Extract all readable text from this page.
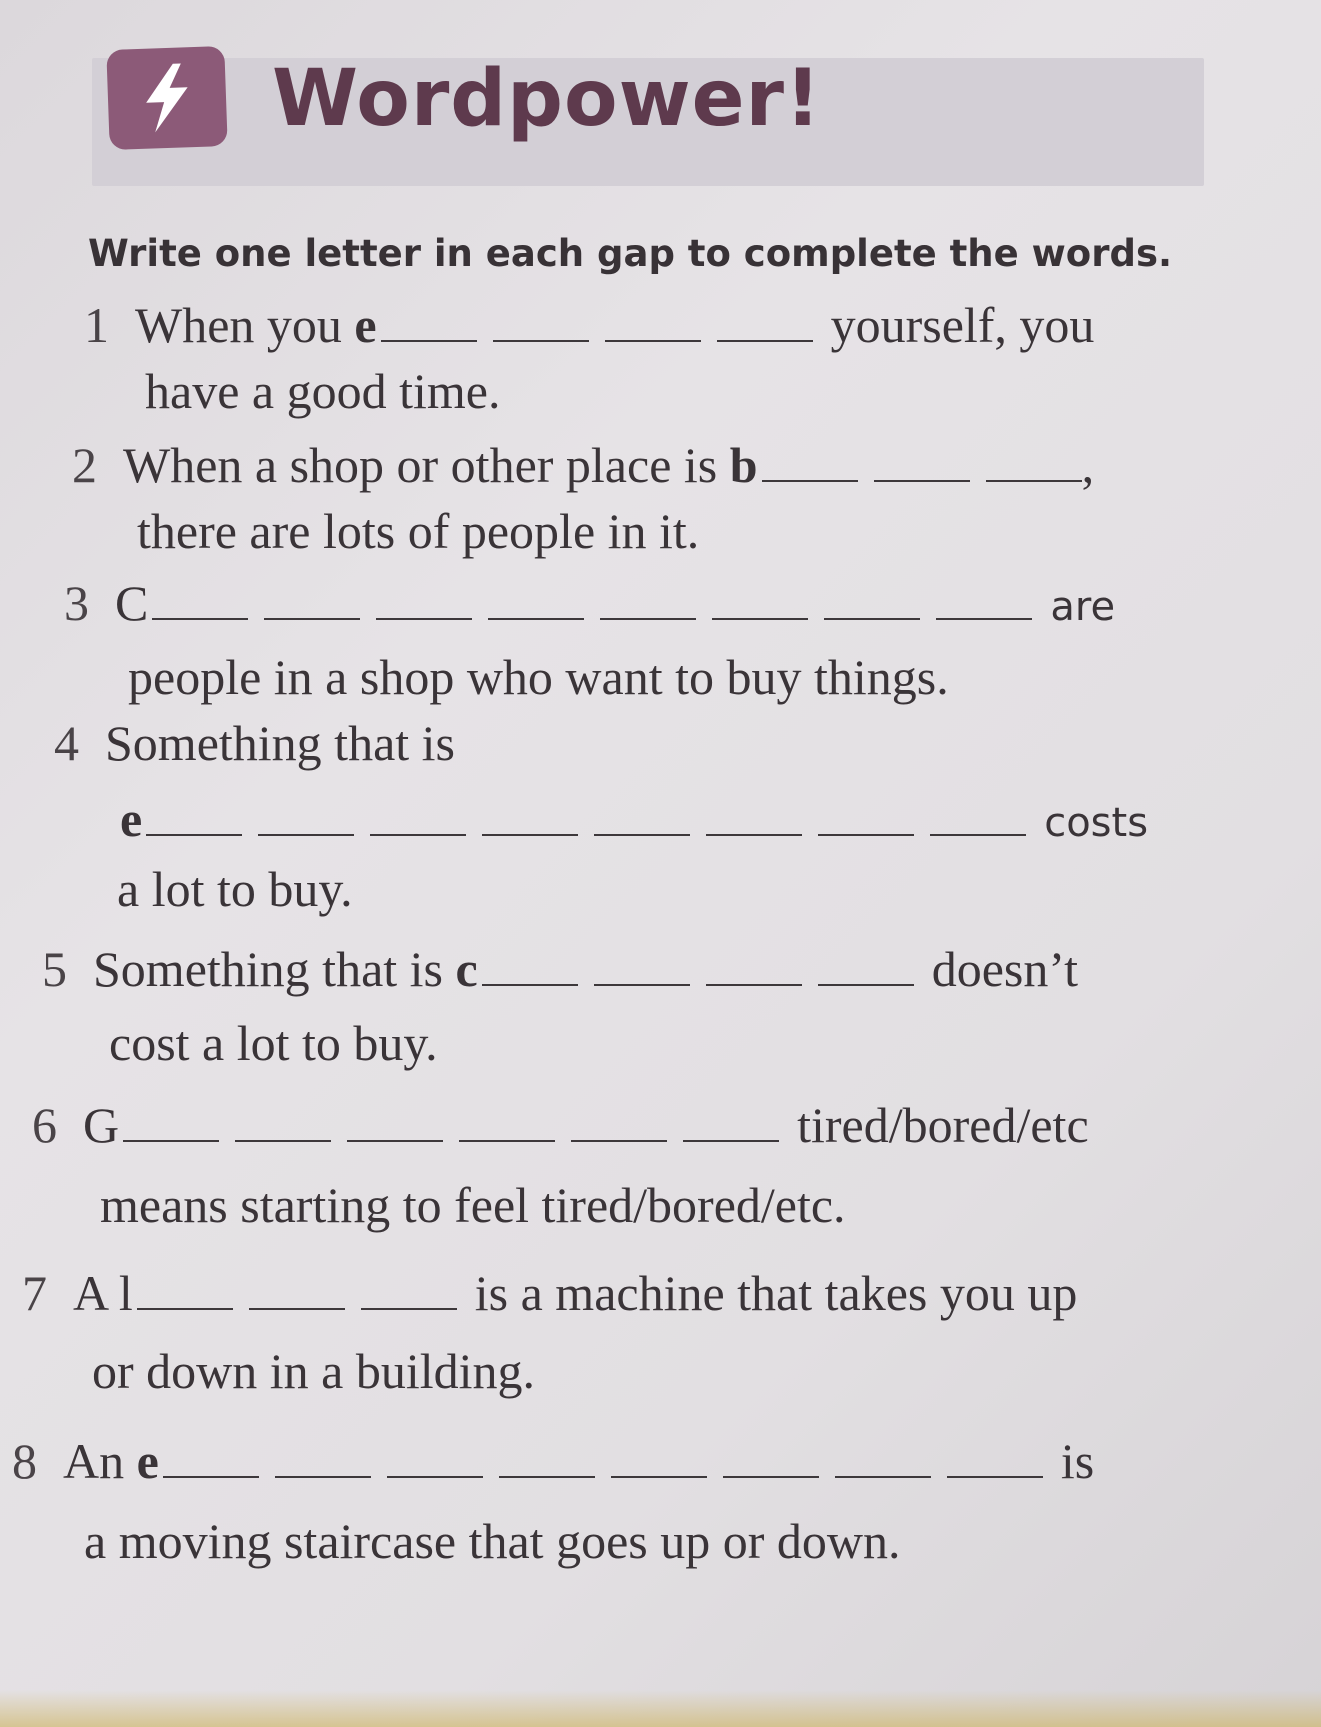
Wordpower!
Write one letter in each gap to complete the words.
1 When you e	yourself, you
have a good time.
2 When a shop or other place is b	,
there are lots of people in it.
3 C	are
people in a shop who want to buy things.
4 Something that is
e	costs
a lot to buy.
5 Something that is c	doesn’t
cost a lot to buy.
6 G	tired/bored/etc
means starting to feel tired/bored/etc.
7 A l	is a machine that takes you up
or down in a building.
8 An e	is
a moving staircase that goes up or down.
